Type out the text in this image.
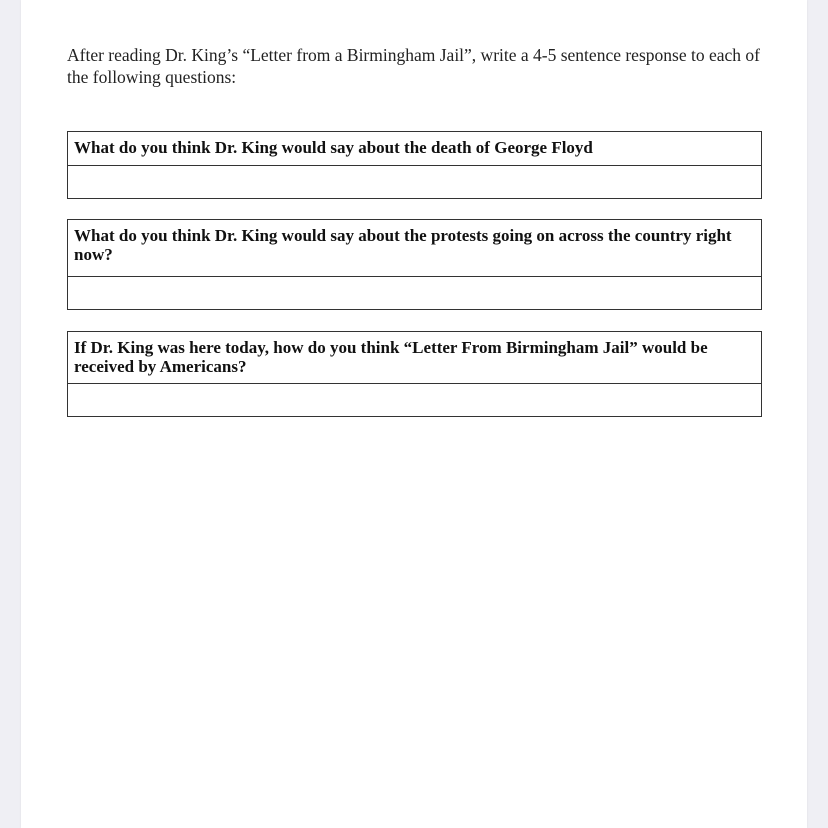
After reading Dr. King’s “Letter from a Birmingham Jail”, write a 4-5 sentence response to each of the following questions:
What do you think Dr. King would say about the death of George Floyd
What do you think Dr. King would say about the protests going on across the country right now?
If Dr. King was here today, how do you think “Letter From Birmingham Jail” would be received by Americans?
